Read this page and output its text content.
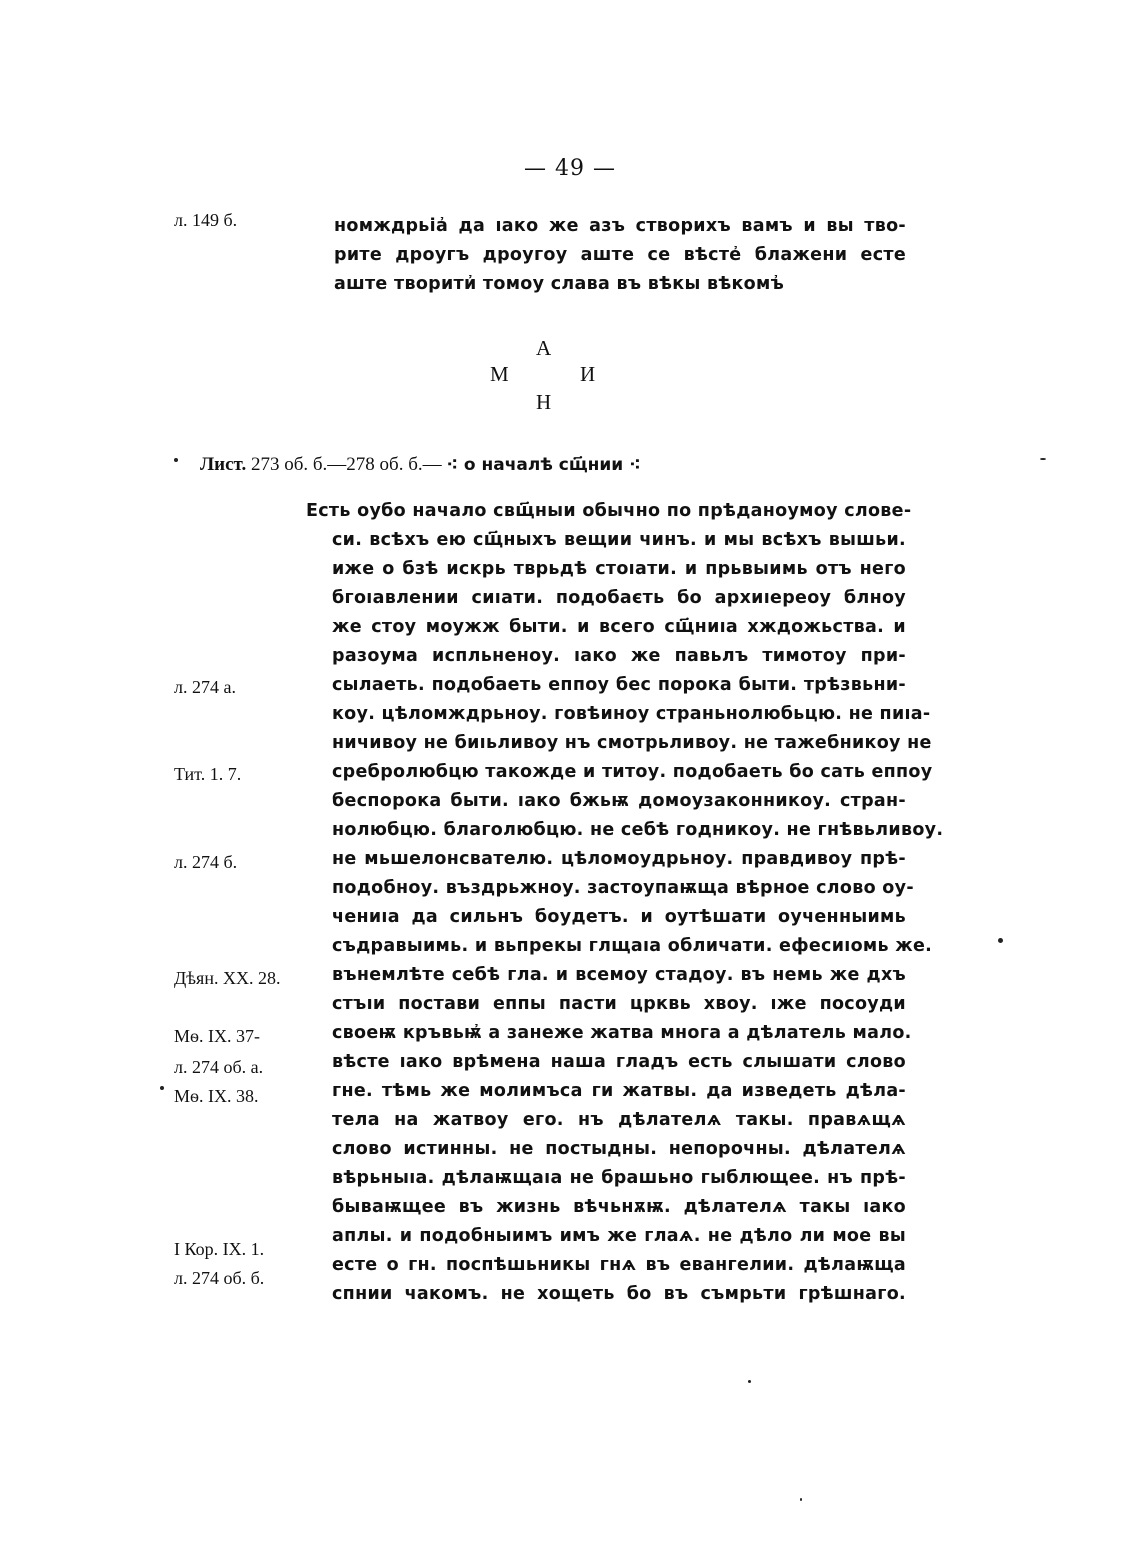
— 49 —
л. 149 б.	номждрьіа҆ да ıако же азъ створихъ вамъ и вы тво-
рите дроугъ дроугоу аште се вѣсте҆ блажени есте
аште творити҆ томоу слава въ вѣкы вѣкомъ҆
А
М	И
Н
Лист. 273 об. б.—278 об. б.— ⁖ о началѣ сщ҃нии ⁖
л. 274 а.
Тит. 1. 7.
л. 274 б.
Дѣян. ХХ. 28.
Мѳ. IX. 37-
л. 274 об. а.
Мѳ. IX. 38.
I Кор. IX. 1.
л. 274 об. б.
Есть оубо начало свщ҃ныи обычно по прѣданоумоу слове-
си. всѣхъ ею сщ҃ныхъ вещии чинъ. и мы всѣхъ вышьи.
иже о бзѣ искрь тврьдѣ стоıати. и прьвыимь отъ него
бгоıавлении сиıати. подобаєть бо архиıереоу блноу
же стоу моужж быти. и всего сщ҃ниıа хждожьства. и
разоума испльненоу. ıако же павьлъ тимотоу при-
сылаеть. подобаеть еппоу бес порока быти. трѣзвьни-
коу. цѣломждрьноу. говѣиноу страньнолюбьцю. не пиıа-
ничивоу не биıьливоу нъ смотрьливоу. не тажебникоу не
сребролюбцю такожде и титоу. подобаеть бо сать еппоу
беспорока быти. ıако бжьѭ домоузаконникоу. стран-
нолюбцю. благолюбцю. не себѣ годникоу. не гнѣвьливоу.
не мьшелонсвателю. цѣломоудрьноу. правдивоу прѣ-
подобноу. въздрьжноу. застоупаѭща вѣрное слово оу-
чениıа да сильнъ боудетъ. и оутѣшати оученныимь
съдравыимь. и вьпрекы глщаıа обличати. ефесиıомь же.
вънемлѣте себѣ гла. и всемоу стадоу. въ немь же дхъ
стъıи постави еппы пасти црквь хвоу. ıже посоуди
своеѭ кръвьѭ҆ а занеже жатва многа а дѣлатель мало.
вѣсте ıако врѣмена наша гладъ есть слышати слово
гне. тѣмь же молимъса ги жатвы. да изведеть дѣла-
тела на жатвоу его. нъ дѣлателѧ такы. правѧщѧ
слово истинны. не постыдны. непорочны. дѣлателѧ
вѣрьныıа. дѣлаѭщаıа не брашьно гыблющее. нъ прѣ-
бываѭщее въ жизнь вѣчьнѫѭ. дѣлателѧ такы ıако
аплы. и подобныимъ имъ же глаѧ. не дѣло ли мое вы
есте о гн. поспѣшьникы гнѧ въ евангелии. дѣлаѭща
спнии чакомъ. не хощеть бо въ съмрьти грѣшнаго.
